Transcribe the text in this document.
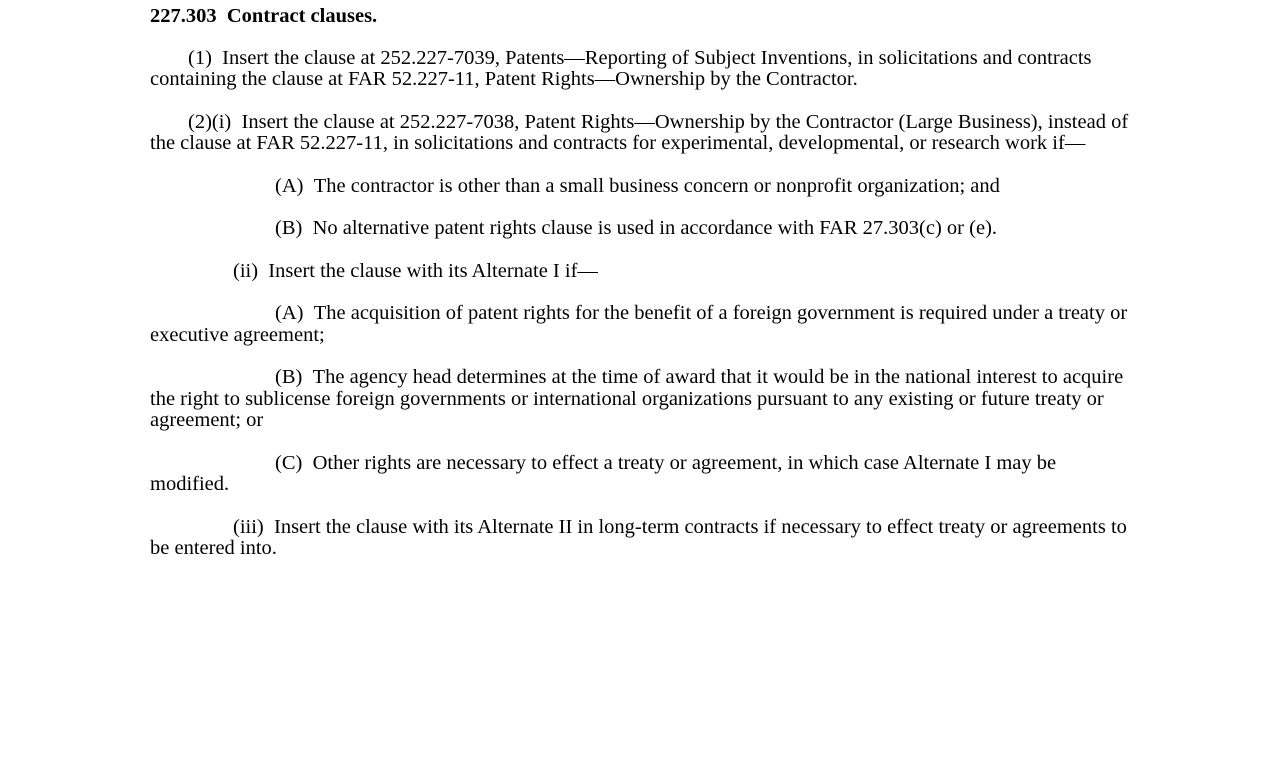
227.303 Contract clauses.

(1) Insert the clause at 252.227-7039, Patents—Reporting of Subject Inventions, in solicitations and contracts containing the clause at FAR 52.227-11, Patent Rights—Ownership by the Contractor.

(2)(i) Insert the clause at 252.227-7038, Patent Rights—Ownership by the Contractor (Large Business), instead of the clause at FAR 52.227-11, in solicitations and contracts for experimental, developmental, or research work if—

(A) The contractor is other than a small business concern or nonprofit organization; and

(B) No alternative patent rights clause is used in accordance with FAR 27.303(c) or (e).

(ii) Insert the clause with its Alternate I if—

(A) The acquisition of patent rights for the benefit of a foreign government is required under a treaty or executive agreement;

(B) The agency head determines at the time of award that it would be in the national interest to acquire the right to sublicense foreign governments or international organizations pursuant to any existing or future treaty or agreement; or

(C) Other rights are necessary to effect a treaty or agreement, in which case Alternate I may be modified.

(iii) Insert the clause with its Alternate II in long-term contracts if necessary to effect treaty or agreements to be entered into.
